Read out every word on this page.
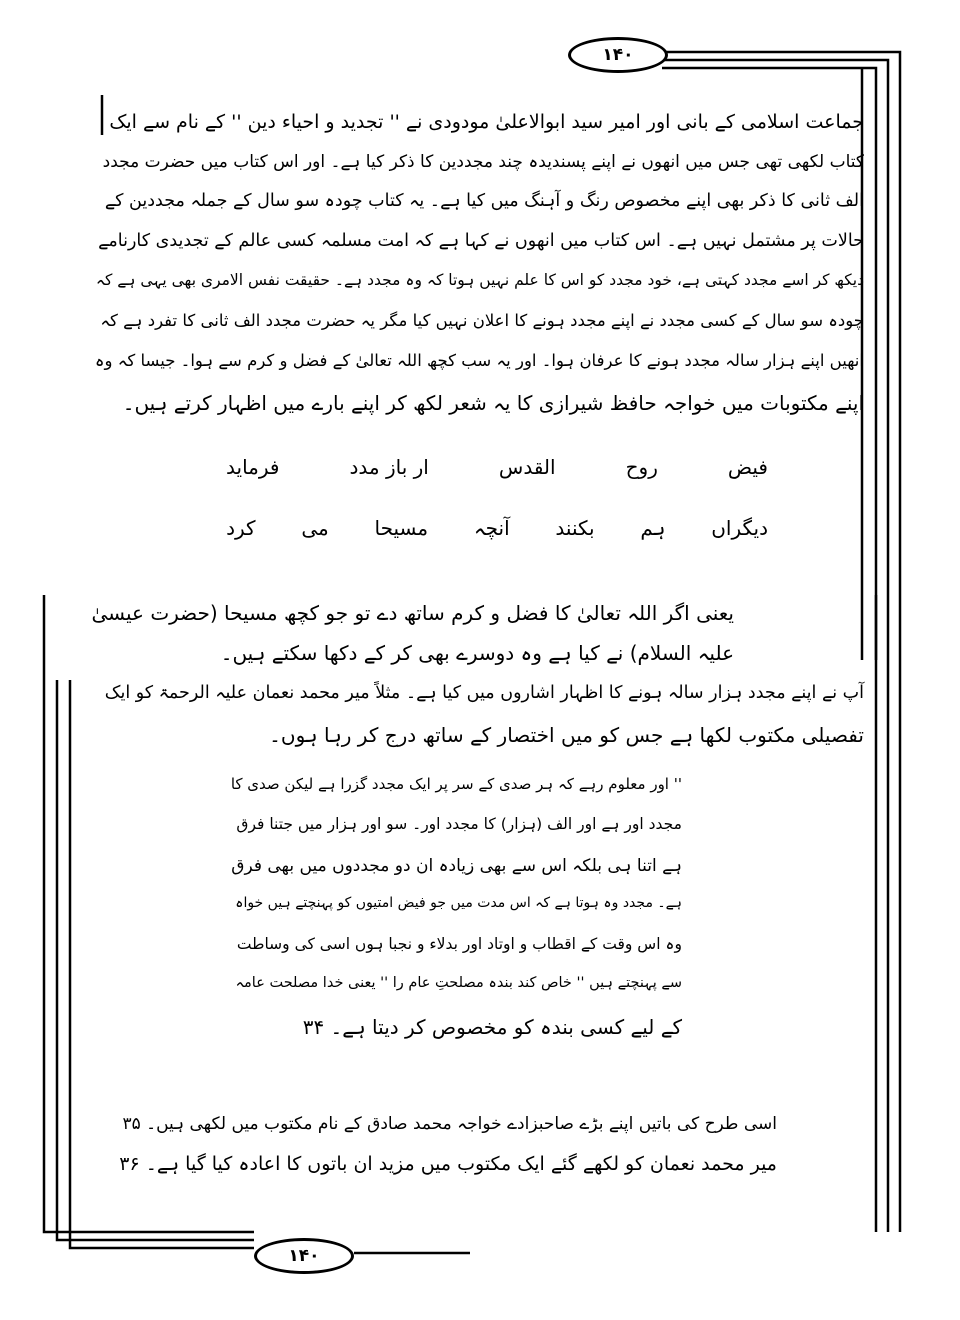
۱۴۰
۱۴۰
جماعت اسلامی کے بانی اور امیر سید ابوالاعلیٰ مودودی نے '' تجدید و احیاء دین '' کے نام سے ایک
کتاب لکھی تھی جس میں انھوں نے اپنے پسندیدہ چند مجددین کا ذکر کیا ہے۔ اور اس کتاب میں حضرت مجدد
الف ثانی کا ذکر بھی اپنے مخصوص رنگ و آہنگ میں کیا ہے۔ یہ کتاب چودہ سو سال کے جملہ مجددین کے
حالات پر مشتمل نہیں ہے۔ اس کتاب میں انھوں نے کہا ہے کہ امت مسلمہ کسی عالم کے تجدیدی کارنامے
دیکھ کر اسے مجدد کہتی ہے، خود مجدد کو اس کا علم نہیں ہوتا کہ وہ مجدد ہے۔ حقیقت نفس الامری بھی یہی ہے کہ
چودہ سو سال کے کسی مجدد نے اپنے مجدد ہونے کا اعلان نہیں کیا مگر یہ حضرت مجدد الف ثانی کا تفرد ہے کہ
انھیں اپنے ہزار سالہ مجدد ہونے کا عرفان ہوا۔ اور یہ سب کچھ اللہ تعالیٰ کے فضل و کرم سے ہوا۔ جیسا کہ وہ
اپنے مکتوبات میں خواجہ حافظ شیرازی کا یہ شعر لکھ کر اپنے بارے میں اظہار کرتے ہیں۔
فیض
روح
القدس
ار باز مدد
فرماید
دیگراں
ہم
بکنند
آنچہ
مسیحا
می
کرد
یعنی اگر اللہ تعالیٰ کا فضل و کرم ساتھ دے تو جو کچھ مسیحا (حضرت عیسیٰ
علیہ السلام) نے کیا ہے وہ دوسرے بھی کر کے دکھا سکتے ہیں۔
آپ نے اپنے مجدد ہزار سالہ ہونے کا اظہار اشاروں میں کیا ہے۔ مثلاً میر محمد نعمان علیہ الرحمۃ کو ایک
تفصیلی مکتوب لکھا ہے جس کو میں اختصار کے ساتھ درج کر رہا ہوں۔
'' اور معلوم رہے کہ ہر صدی کے سر پر ایک مجدد گزرا ہے لیکن صدی کا
مجدد اور ہے اور الف (ہزار) کا مجدد اور۔ سو اور ہزار میں جتنا فرق
ہے اتنا ہی بلکہ اس سے بھی زیادہ ان دو مجددوں میں بھی فرق
ہے۔ مجدد وہ ہوتا ہے کہ اس مدت میں جو فیض امتیوں کو پہنچتے ہیں خواہ
وہ اس وقت کے اقطاب و اوتاد اور بدلاء و نجبا ہوں اسی کی وساطت
سے پہنچتے ہیں '' خاص کند بندہ مصلحتِ عام را '' یعنی خدا مصلحت عامہ
کے لیے کسی بندہ کو مخصوص کر دیتا ہے۔ ۳۴
اسی طرح کی باتیں اپنے بڑے صاحبزادے خواجہ محمد صادق کے نام مکتوب میں لکھی ہیں۔ ۳۵
میر محمد نعمان کو لکھے گئے ایک مکتوب میں مزید ان باتوں کا اعادہ کیا گیا ہے۔ ۳۶
